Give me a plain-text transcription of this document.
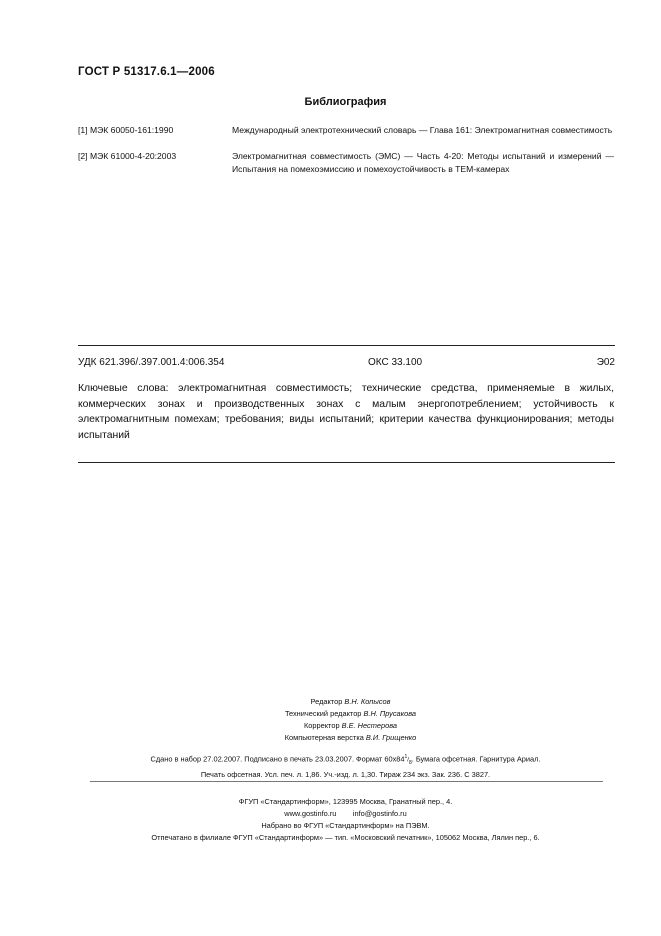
ГОСТ Р 51317.6.1—2006
Библиография
[1] МЭК 60050-161:1990	Международный электротехнический словарь — Глава 161: Электромагнитная совместимость
[2] МЭК 61000-4-20:2003	Электромагнитная совместимость (ЭМС) — Часть 4-20: Методы испытаний и измерений — Испытания на помехоэмиссию и помехоустойчивость в ТЕМ-камерах
УДК 621.396/.397.001.4:006.354	ОКС 33.100	Э02
Ключевые слова: электромагнитная совместимость; технические средства, применяемые в жилых, коммерческих зонах и производственных зонах с малым энергопотреблением; устойчивость к электромагнитным помехам; требования; виды испытаний; критерии качества функционирования; методы испытаний
Редактор В.Н. Копысов
Технический редактор В.Н. Прусакова
Корректор В.Е. Нестерова
Компьютерная верстка В.И. Грищенко
Сдано в набор 27.02.2007. Подписано в печать 23.03.2007. Формат $60х84^1/_8$. Бумага офсетная. Гарнитура Ариал.
Печать офсетная. Усл. печ. л. 1,86. Уч.-изд. л. 1,30. Тираж 234 экз. Зак. 236. С 3827.
ФГУП «Стандартинформ», 123995 Москва, Гранатный пер., 4.
www.gostinfo.ru        info@gostinfo.ru
Набрано во ФГУП «Стандартинформ» на ПЭВМ.
Отпечатано в филиале ФГУП «Стандартинформ» — тип. «Московский печатник», 105062 Москва, Лялин пер., 6.
